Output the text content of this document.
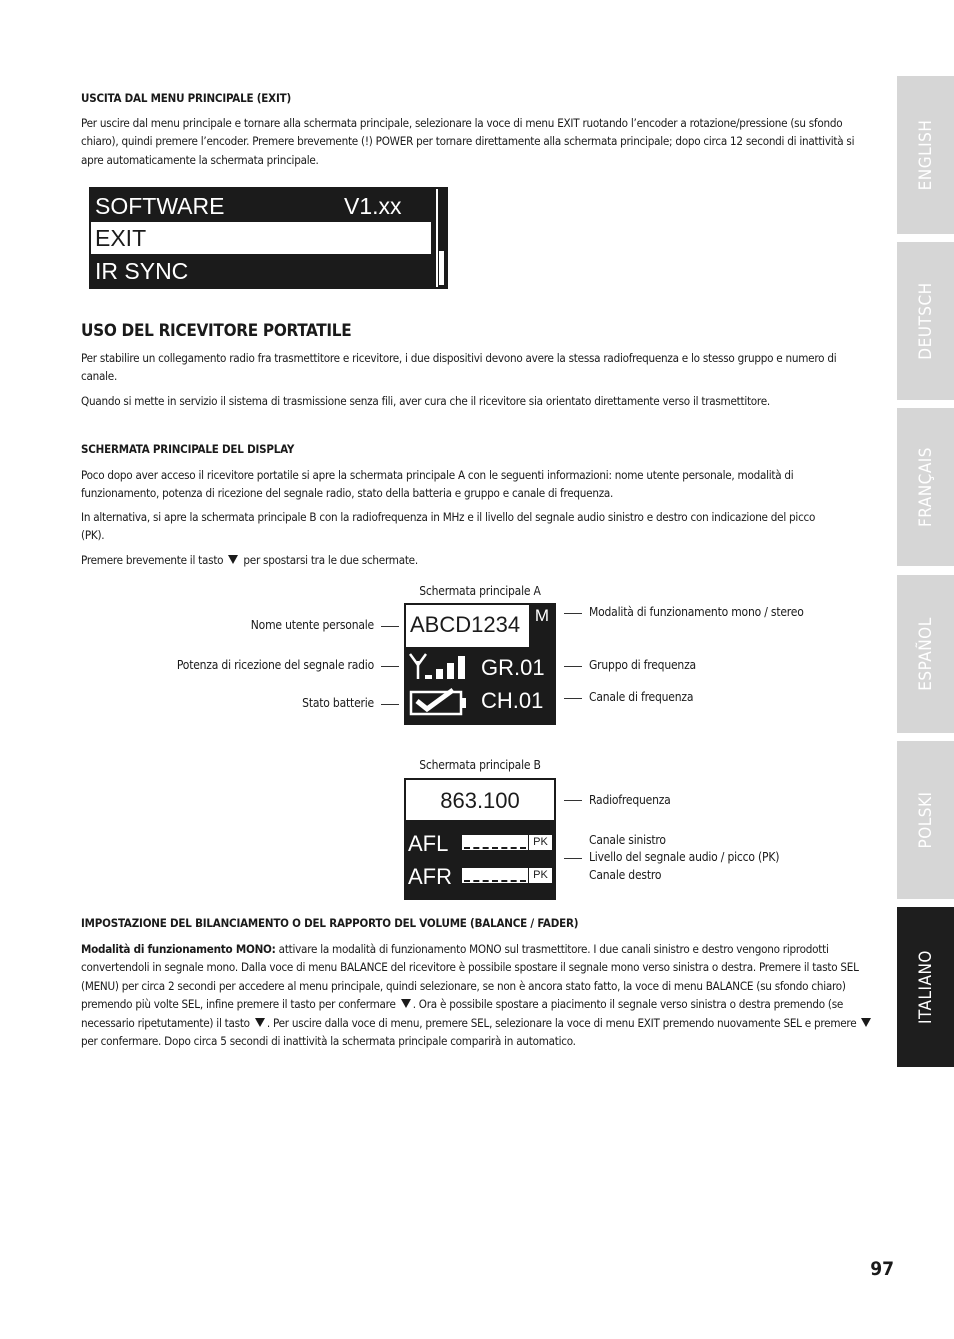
USCITA DAL MENU PRINCIPALE (EXIT)

Per uscire dal menu principale e tornare alla schermata principale, selezionare la voce di menu EXIT ruotando l’encoder a rotazione/pressione (su sfondo chiaro), quindi premere l’encoder. Premere brevemente (!) POWER per tornare direttamente alla schermata principale; dopo circa 12 secondi di inattività si apre automaticamente la schermata principale.

SOFTWARE	V1.xx
EXIT
IR SYNC
USO DEL RICEVITORE PORTATILE

Per stabilire un collegamento radio fra trasmettitore e ricevitore, i due dispositivi devono avere la stessa radiofrequenza e lo stesso gruppo e numero di canale.

Quando si mette in servizio il sistema di trasmissione senza fili, aver cura che il ricevitore sia orientato direttamente verso il trasmettitore.

SCHERMATA PRINCIPALE DEL DISPLAY

Poco dopo aver acceso il ricevitore portatile si apre la schermata principale A con le seguenti informazioni: nome utente personale, modalità di funzionamento, potenza di ricezione del segnale radio, stato della batteria e gruppo e canale di frequenza.

In alternativa, si apre la schermata principale B con la radiofrequenza in MHz e il livello del segnale audio sinistro e destro con indicazione del picco (PK).

Premere brevemente il tasto per spostarsi tra le due schermate.

Schermata principale A
ABCD1234 M
GR.01
CH.01
Nome utente personale
Potenza di ricezione del segnale radio
Stato batterie
Modalità di funzionamento mono / stereo
Gruppo di frequenza
Canale di frequenza
Schermata principale B
863.100
AFL	PK
AFR	PK
Radiofrequenza
Canale sinistro
Livello del segnale audio / picco (PK)
Canale destro
IMPOSTAZIONE DEL BILANCIAMENTO O DEL RAPPORTO DEL VOLUME (BALANCE / FADER)

Modalità di funzionamento MONO: attivare la modalità di funzionamento MONO sul trasmettitore. I due canali sinistro e destro vengono riprodotti convertendoli in segnale mono. Dalla voce di menu BALANCE del ricevitore è possibile spostare il segnale mono verso sinistra o destra. Premere il tasto SEL (MENU) per circa 2 secondi per accedere al menu principale, quindi selezionare, se non è ancora stato fatto, la voce di menu BALANCE (su sfondo chiaro) premendo più volte SEL, infine premere il tasto per confermare . Ora è possibile spostare a piacimento il segnale verso sinistra o destra premendo (se necessario ripetutamente) il tasto . Per uscire dalla voce di menu, premere SEL, selezionare la voce di menu EXIT premendo nuovamente SEL e premere  per confermare. Dopo circa 5 secondi di inattività la schermata principale comparirà in automatico.

ENGLISH
DEUTSCH
FRANÇAIS
ESPAÑOL
POLSKI
ITALIANO
97
